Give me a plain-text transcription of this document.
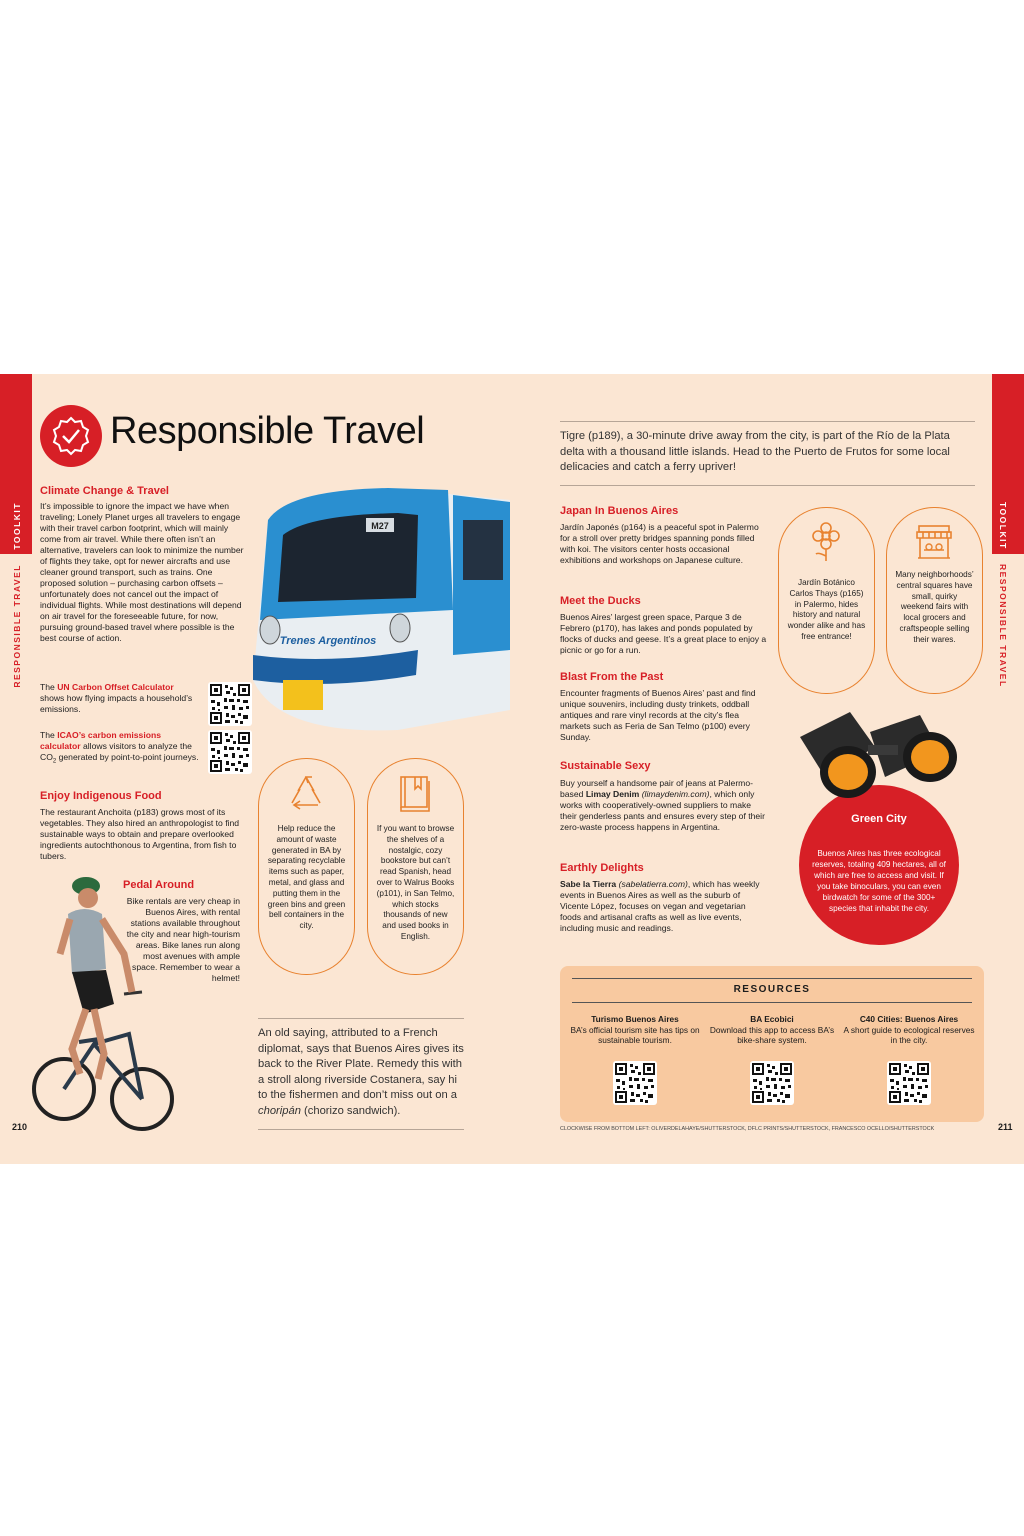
TOOLKIT
RESPONSIBLE TRAVEL
TOOLKIT
RESPONSIBLE TRAVEL
Responsible Travel
Climate Change & Travel
It’s impossible to ignore the impact we have when traveling; Lonely Planet urges all travelers to engage with their travel carbon footprint, which will mainly come from air travel. While there often isn’t an alternative, travelers can look to minimize the number of flights they take, opt for newer aircrafts and use cleaner ground transport, such as trains. One proposed solution – purchasing carbon offsets – unfortunately does not cancel out the impact of individual flights. While most destinations will depend on air travel for the foreseeable future, for now, pursuing ground-based travel where possible is the best course of action.
The UN Carbon Offset Calculator shows how flying impacts a household’s emissions.
The ICAO’s carbon emissions calculator allows visitors to analyze the $CO_2$ generated by point-to-point journeys.
Enjoy Indigenous Food
The restaurant Anchoita (p183) grows most of its vegetables. They also hired an anthropologist to find sustainable ways to obtain and prepare overlooked ingredients autochthonous to Argentina, from fish to tubers.
Pedal Around
Bike rentals are very cheap in Buenos Aires, with rental stations available throughout the city and near high-tourism areas. Bike lanes run along most avenues with ample space. Remember to wear a helmet!
M27
Trenes Argentinos
Help reduce the amount of waste generated in BA by separating recyclable items such as paper, metal, and glass and putting them in the green bins and green bell containers in the city.
If you want to browse the shelves of a nostalgic, cozy bookstore but can’t read Spanish, head over to Walrus Books (p101), in San Telmo, which stocks thousands of new and used books in English.
An old saying, attributed to a French diplomat, says that Buenos Aires gives its back to the River Plate. Remedy this with a stroll along riverside Costanera, say hi to the fishermen and don’t miss out on a choripán (chorizo sandwich).
210	211
CLOCKWISE FROM BOTTOM LEFT: OLIVERDELAHAYE/SHUTTERSTOCK, DFLC PRINTS/SHUTTERSTOCK, FRANCESCO OCELLO/SHUTTERSTOCK
Tigre (p189), a 30-minute drive away from the city, is part of the Río de la Plata delta with a thousand little islands. Head to the Puerto de Frutos for some local delicacies and catch a ferry upriver!
Japan In Buenos Aires
Jardín Japonés (p164) is a peaceful spot in Palermo for a stroll over pretty bridges spanning ponds filled with koi. The visitors center hosts occasional exhibitions and workshops on Japanese culture.
Meet the Ducks
Buenos Aires’ largest green space, Parque 3 de Febrero (p170), has lakes and ponds populated by flocks of ducks and geese. It’s a great place to enjoy a picnic or go for a run.
Blast From the Past
Encounter fragments of Buenos Aires’ past and find unique souvenirs, including dusty trinkets, oddball antiques and rare vinyl records at the city’s flea markets such as Feria de San Telmo (p100) every Sunday.
Sustainable Sexy
Buy yourself a handsome pair of jeans at Palermo-based Limay Denim (limaydenim.com), which only works with cooperatively-owned suppliers to make their genderless pants and ensures every step of their zero-waste process happens in Argentina.
Earthly Delights
Sabe la Tierra (sabelatierra.com), which has weekly events in Buenos Aires as well as the suburb of Vicente López, focuses on vegan and vegetarian foods and artisanal crafts as well as live events, including music and readings.
Jardín Botánico Carlos Thays (p165) in Palermo, hides history and natural wonder alike and has free entrance!
Many neighborhoods’ central squares have small, quirky weekend fairs with local grocers and craftspeople selling their wares.
Green City
Buenos Aires has three ecological reserves, totaling 409 hectares, all of which are free to access and visit. If you take binoculars, you can even birdwatch for some of the 300+ species that inhabit the city.
RESOURCES
Turismo Buenos Aires
BA’s official tourism site has tips on sustainable tourism.
BA Ecobici
Download this app to access BA’s bike-share system.
C40 Cities: Buenos Aires
A short guide to ecological reserves in the city.
